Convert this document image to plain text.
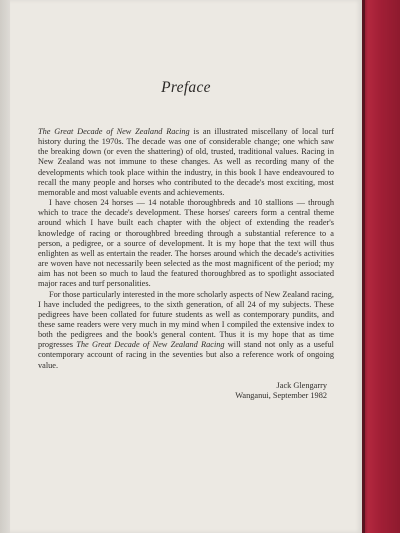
Preface

The Great Decade of New Zealand Racing is an illustrated miscellany of local turf history during the 1970s. The decade was one of considerable change; one which saw the breaking down (or even the shattering) of old, trusted, traditional values. Racing in New Zealand was not immune to these changes. As well as recording many of the developments which took place within the industry, in this book I have endeavoured to recall the many people and horses who contributed to the decade's most exciting, most memorable and most valuable events and achievements.

I have chosen 24 horses — 14 notable thoroughbreds and 10 stallions — through which to trace the decade's development. These horses' careers form a central theme around which I have built each chapter with the object of extending the reader's knowledge of racing or thoroughbred breeding through a substantial reference to a person, a pedigree, or a source of development. It is my hope that the text will thus enlighten as well as entertain the reader. The horses around which the decade's activities are woven have not necessarily been selected as the most magnificent of the period; my aim has not been so much to laud the featured thoroughbred as to spotlight associated major races and turf personalities.

For those particularly interested in the more scholarly aspects of New Zealand racing, I have included the pedigrees, to the sixth generation, of all 24 of my subjects. These pedigrees have been collated for future students as well as contemporary pundits, and these same readers were very much in my mind when I compiled the extensive index to both the pedigrees and the book's general content. Thus it is my hope that as time progresses The Great Decade of New Zealand Racing will stand not only as a useful contemporary account of racing in the seventies but also a reference work of ongoing value.

Jack Glengarry
Wanganui, September 1982
